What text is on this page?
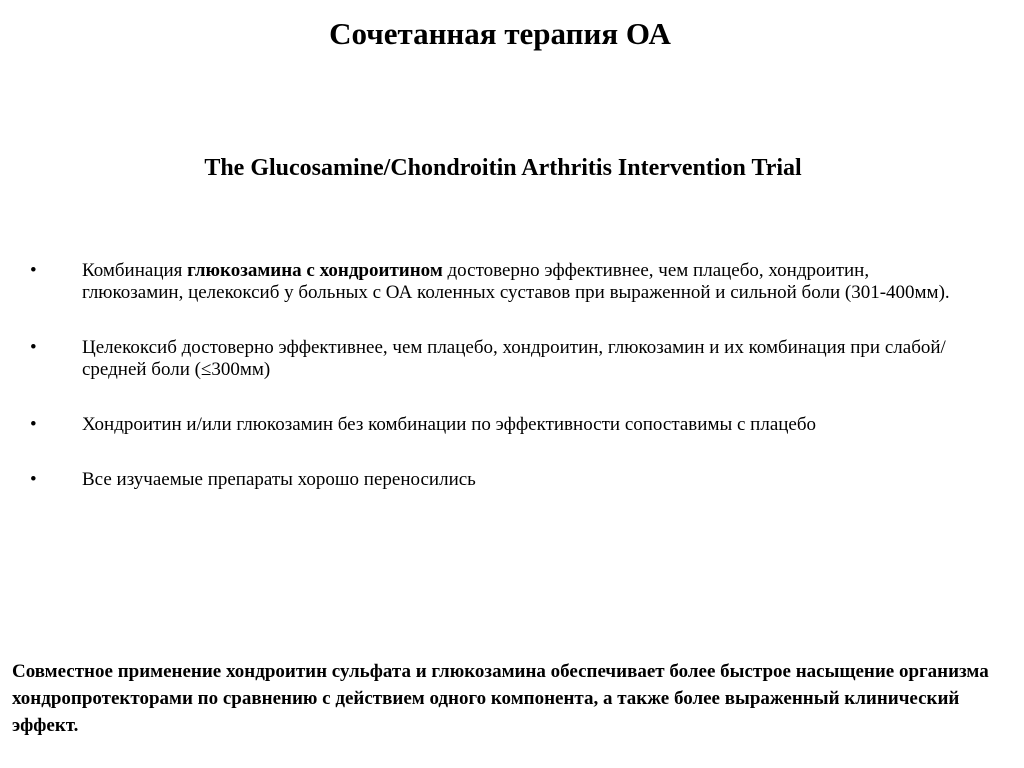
Сочетанная терапия ОА
The Glucosamine/Chondroitin Arthritis Intervention Trial
• Комбинация глюкозамина с хондроитином достоверно эффективнее, чем плацебо, хондроитин, глюкозамин, целекоксиб у больных с ОА коленных суставов при выраженной и сильной боли (301-400мм).
• Целекоксиб достоверно эффективнее, чем плацебо, хондроитин, глюкозамин и их комбинация при слабой/средней боли (≤300мм)
• Хондроитин и/или глюкозамин без комбинации по эффективности сопоставимы с плацебо
• Все изучаемые препараты хорошо переносились

Совместное применение хондроитин сульфата и глюкозамина обеспечивает более быстрое насыщение организма хондропротекторами по сравнению с действием одного компонента, а также более выраженный клинический эффект.
